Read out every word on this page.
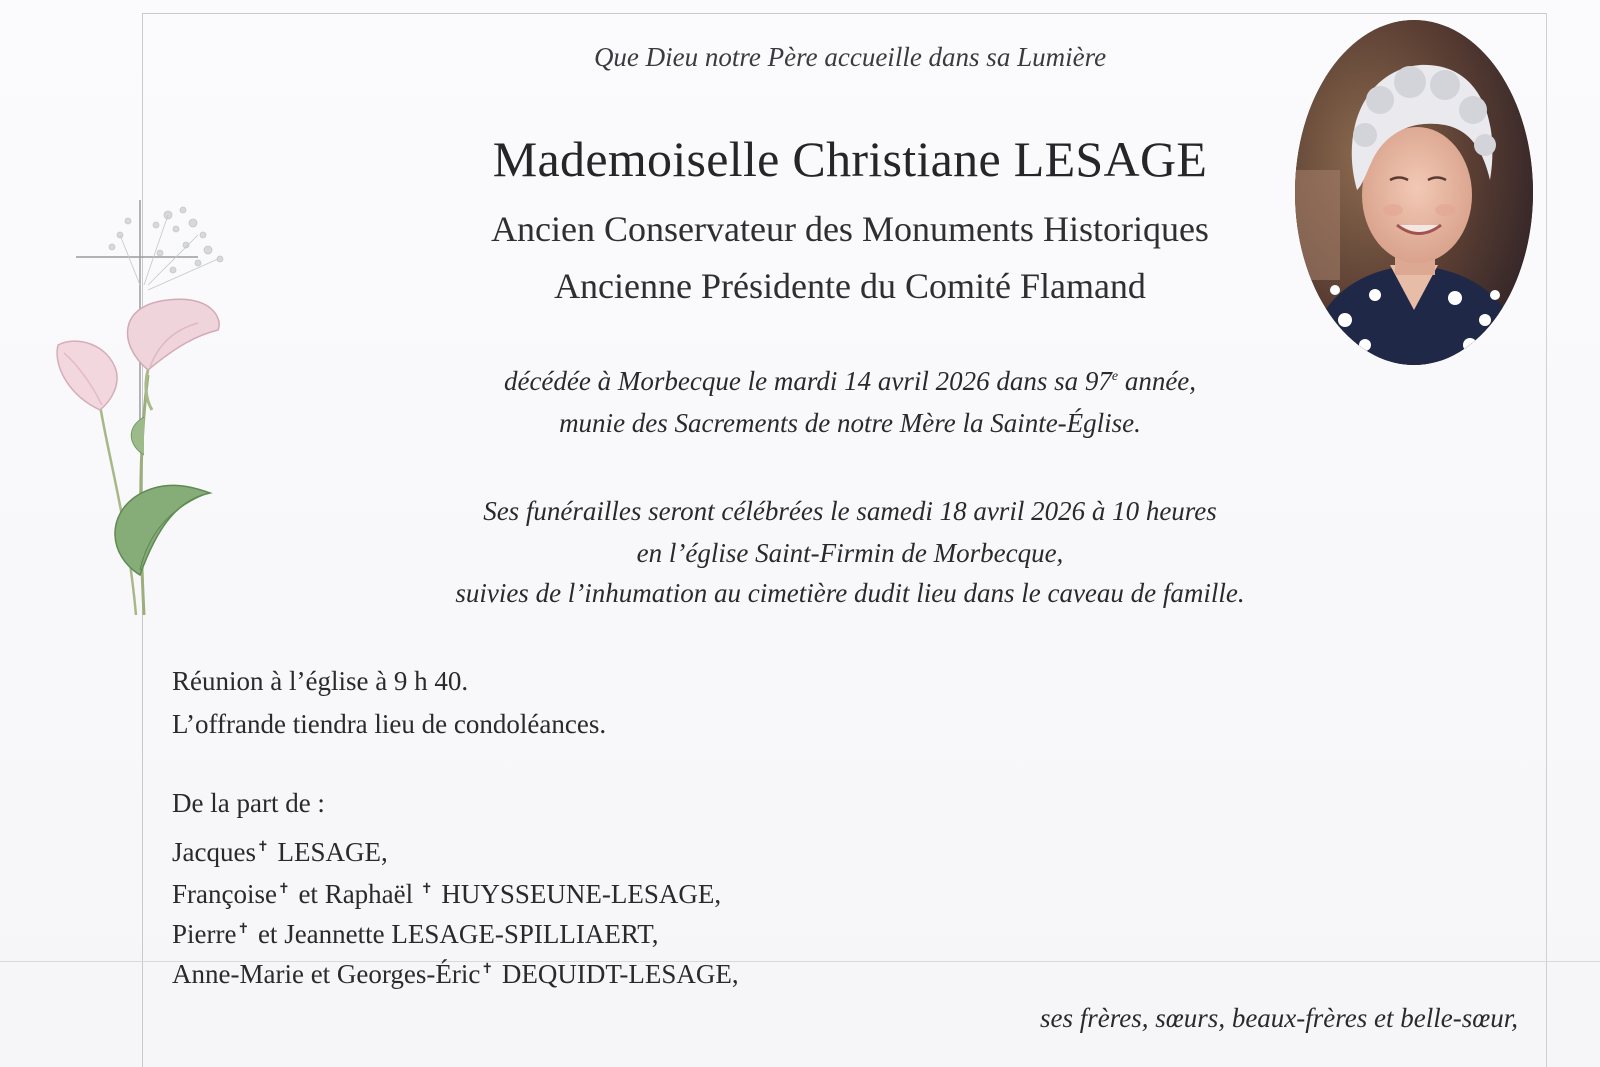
Que Dieu notre Père accueille dans sa Lumière
Mademoiselle Christiane LESAGE
Ancien Conservateur des Monuments Historiques
Ancienne Présidente du Comité Flamand
décédée à Morbecque le mardi 14 avril 2026 dans sa 97e année,
munie des Sacrements de notre Mère la Sainte-Église.
Ses funérailles seront célébrées le samedi 18 avril 2026 à 10 heures
en l’église Saint-Firmin de Morbecque,
suivies de l’inhumation au cimetière dudit lieu dans le caveau de famille.
Réunion à l’église à 9 h 40.
L’offrande tiendra lieu de condoléances.
De la part de :
Jacques✝ LESAGE,
Françoise✝ et Raphaël ✝ HUYSSEUNE-LESAGE,
Pierre✝ et Jeannette LESAGE-SPILLIAERT,
Anne-Marie et Georges-Éric✝ DEQUIDT-LESAGE,
ses frères, sœurs, beaux-frères et belle-sœur,
